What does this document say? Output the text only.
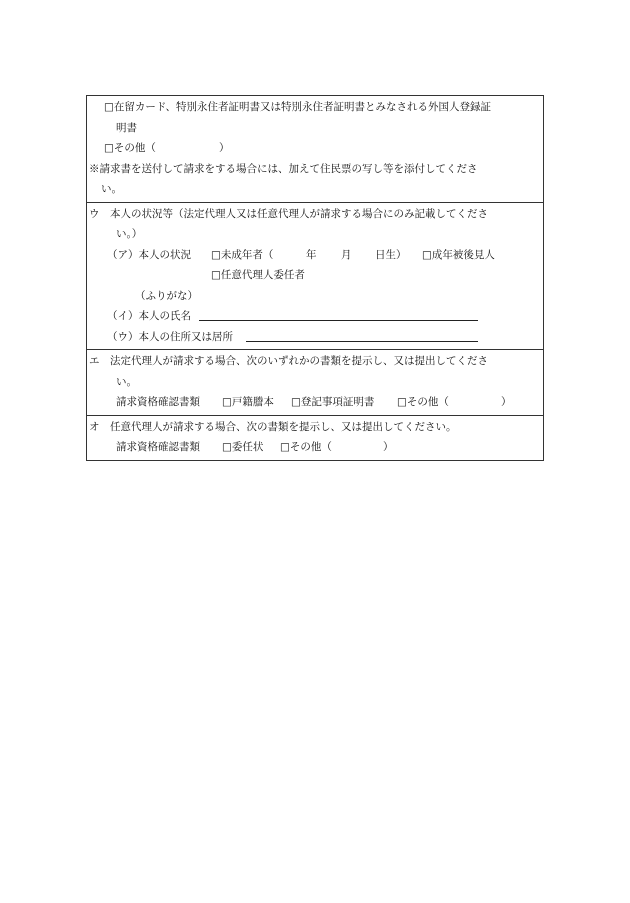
□在留カード、特別永住者証明書又は特別永住者証明書とみなされる外国人登録証
明書
□その他（	）
※請求書を送付して請求をする場合には、加えて住民票の写し等を添付してくださ
い。
ウ　本人の状況等（法定代理人又は任意代理人が請求する場合にのみ記載してくださ
い。）
（ア）本人の状況 □未成年者（	年 月 日生） □成年被後見人
□任意代理人委任者
（ふりがな）
（イ）本人の氏名
（ウ）本人の住所又は居所
エ　法定代理人が請求する場合、次のいずれかの書類を提示し、又は提出してくださ
い。
請求資格確認書類 □戸籍謄本 □登記事項証明書 □その他（	）
オ　任意代理人が請求する場合、次の書類を提示し、又は提出してください。
請求資格確認書類 □委任状 □その他（	）
